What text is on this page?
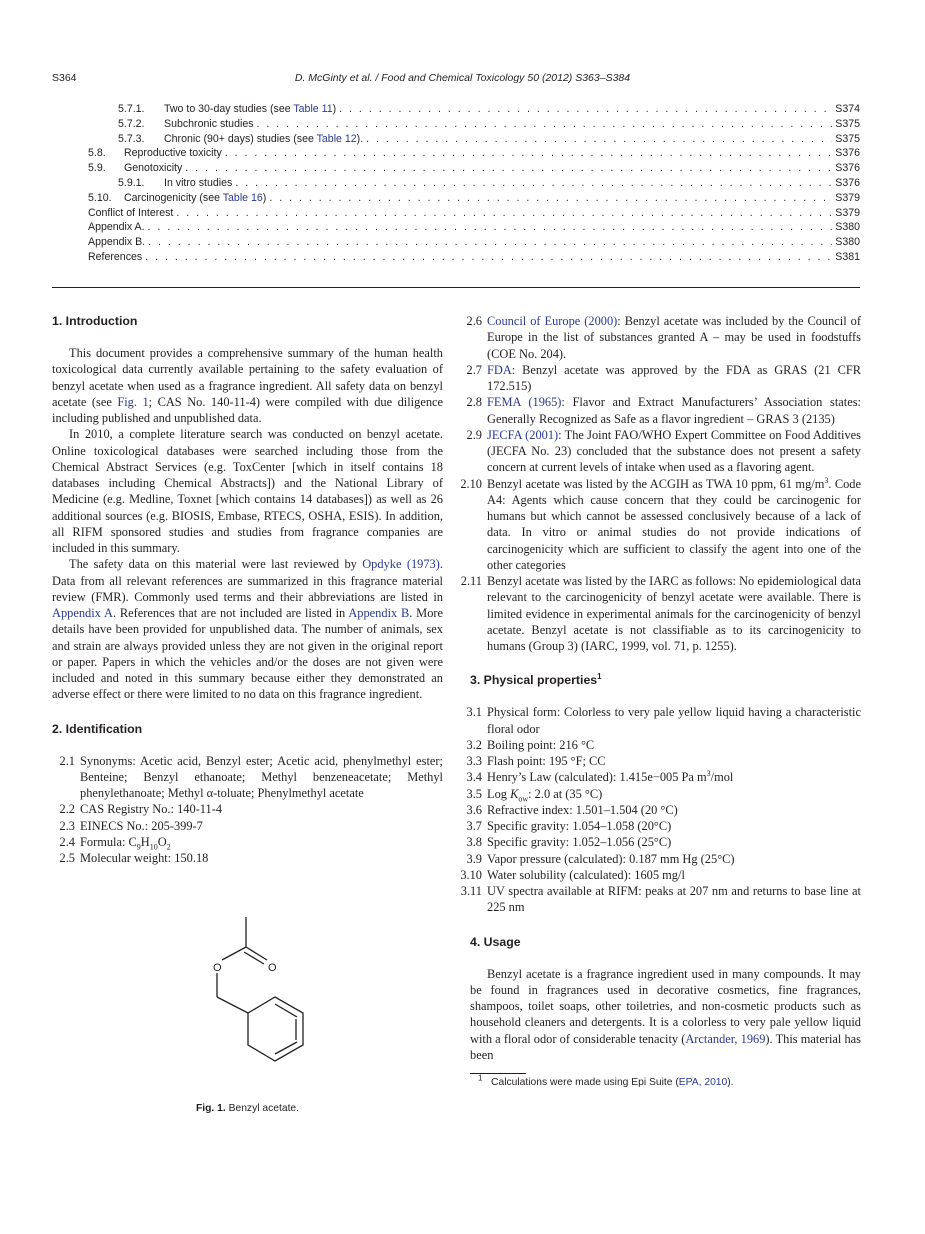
S364	D. McGinty et al. / Food and Chemical Toxicology 50 (2012) S363–S384
5.7.1.	Two to 30-day studies (see Table 11) . . .	S374
5.7.2.	Subchronic studies . . .	S375
5.7.3.	Chronic (90+ days) studies (see Table 12). . . .	S375
5.8.	Reproductive toxicity . . .	S376
5.9.	Genotoxicity . . .	S376
5.9.1.	In vitro studies . . .	S376
5.10.	Carcinogenicity (see Table 16) . . .	S379
Conflict of Interest . . .	S379
Appendix A. . . .	S380
Appendix B. . . .	S380
References . . .	S381
1. Introduction

This document provides a comprehensive summary of the human health toxicological data currently available pertaining to the safety evaluation of benzyl acetate when used as a fragrance ingredient. All safety data on benzyl acetate (see Fig. 1; CAS No. 140-11-4) were compiled with due diligence including published and unpublished data.

In 2010, a complete literature search was conducted on benzyl acetate. Online toxicological databases were searched including those from the Chemical Abstract Services (e.g. ToxCenter [which in itself contains 18 databases including Chemical Abstracts]) and the National Library of Medicine (e.g. Medline, Toxnet [which contains 14 databases]) as well as 26 additional sources (e.g. BIOSIS, Embase, RTECS, OSHA, ESIS). In addition, all RIFM sponsored studies and studies from fragrance companies are included in this summary.

The safety data on this material were last reviewed by Opdyke (1973). Data from all relevant references are summarized in this fragrance material review (FMR). Commonly used terms and their abbreviations are listed in Appendix A. References that are not included are listed in Appendix B. More details have been provided for unpublished data. The number of animals, sex and strain are always provided unless they are not given in the original report or paper. Papers in which the vehicles and/or the doses are not given were included and noted in this summary because either they demonstrated an adverse effect or there were limited to no data on this fragrance ingredient.

2. Identification
2.1 Synonyms: Acetic acid, Benzyl ester; Acetic acid, phenylmethyl ester; Benteine; Benzyl ethanoate; Methyl benzeneacetate; Methyl phenylethanoate; Methyl α-toluate; Phenylmethyl acetate
2.2 CAS Registry No.: 140-11-4
2.3 EINECS No.: 205-399-7
2.4 Formula: $C_9H_{10}O_2$
2.5 Molecular weight: 150.18
O	O
Fig. 1. Benzyl acetate.
2.6 Council of Europe (2000): Benzyl acetate was included by the Council of Europe in the list of substances granted A – may be used in foodstuffs (COE No. 204).
2.7 FDA: Benzyl acetate was approved by the FDA as GRAS (21 CFR 172.515)
2.8 FEMA (1965): Flavor and Extract Manufacturers’ Association states: Generally Recognized as Safe as a flavor ingredient – GRAS 3 (2135)
2.9 JECFA (2001): The Joint FAO/WHO Expert Committee on Food Additives (JECFA No. 23) concluded that the substance does not present a safety concern at current levels of intake when used as a flavoring agent.
2.10 Benzyl acetate was listed by the ACGIH as TWA 10 ppm, 61 $mg/m^3$. Code A4: Agents which cause concern that they could be carcinogenic for humans but which cannot be assessed conclusively because of a lack of data. In vitro or animal studies do not provide indications of carcinogenicity which are sufficient to classify the agent into one of the other categories
2.11 Benzyl acetate was listed by the IARC as follows: No epidemiological data relevant to the carcinogenicity of benzyl acetate were available. There is limited evidence in experimental animals for the carcinogenicity of benzyl acetate. Benzyl acetate is not classifiable as to its carcinogenicity to humans (Group 3) (IARC, 1999, vol. 71, p. 1255).
3. Physical properties$^1$
3.1 Physical form: Colorless to very pale yellow liquid having a characteristic floral odor
3.2 Boiling point: 216 °C
3.3 Flash point: 195 °F; CC
3.4 Henry’s Law (calculated): 1.415e−005 Pa $m^3$/mol
3.5 Log $K_{ow}$: 2.0 at (35 °C)
3.6 Refractive index: 1.501–1.504 (20 °C)
3.7 Specific gravity: 1.054–1.058 (20°C)
3.8 Specific gravity: 1.052–1.056 (25°C)
3.9 Vapor pressure (calculated): 0.187 mm Hg (25°C)
3.10 Water solubility (calculated): 1605 mg/l
3.11 UV spectra available at RIFM: peaks at 207 nm and returns to base line at 225 nm
4. Usage

Benzyl acetate is a fragrance ingredient used in many compounds. It may be found in fragrances used in decorative cosmetics, fine fragrances, shampoos, toilet soaps, other toiletries, and non-cosmetic products such as household cleaners and detergents. It is a colorless to very pale yellow liquid with a floral odor of considerable tenacity (Arctander, 1969). This material has been

$^1$ Calculations were made using Epi Suite (EPA, 2010).
